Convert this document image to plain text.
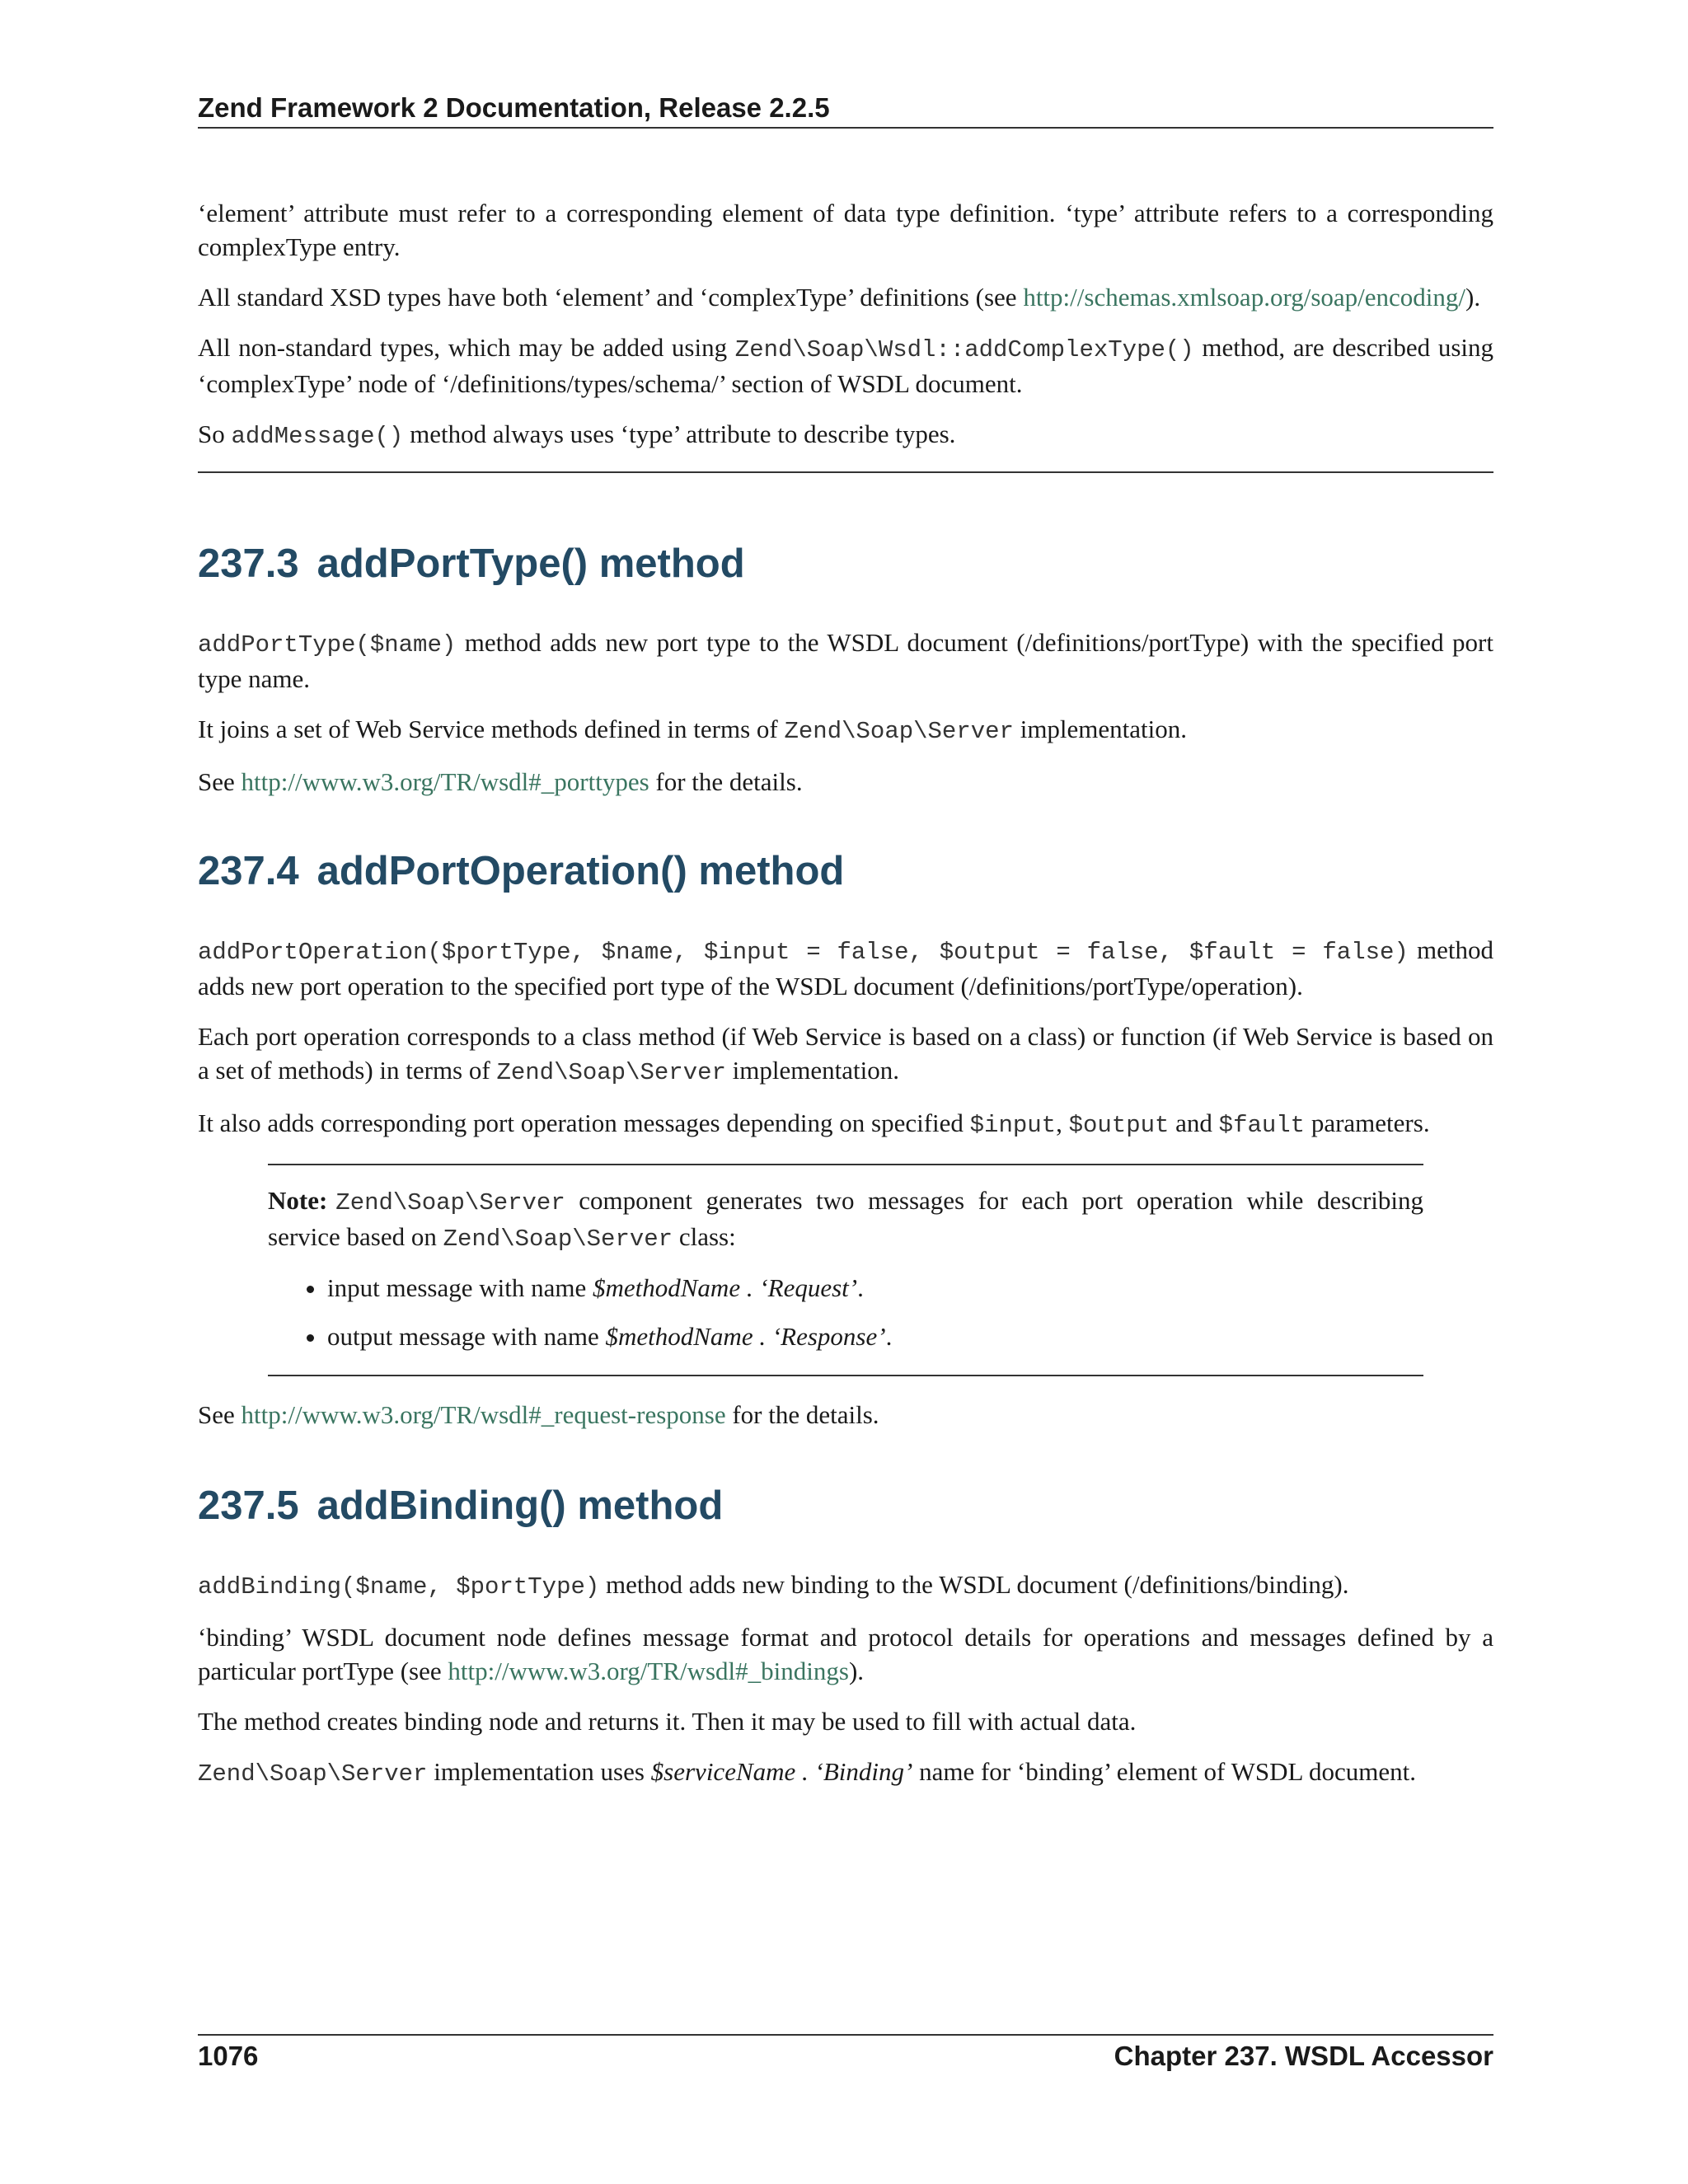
Zend Framework 2 Documentation, Release 2.2.5

‘element’ attribute must refer to a corresponding element of data type definition. ‘type’ attribute refers to a corresponding complexType entry.

All standard XSD types have both ‘element’ and ‘complexType’ definitions (see http://schemas.xmlsoap.org/soap/encoding/).

All non-standard types, which may be added using Zend\Soap\Wsdl::addComplexType() method, are described using ‘complexType’ node of ‘/definitions/types/schema/’ section of WSDL document.

So addMessage() method always uses ‘type’ attribute to describe types.

237.3 addPortType() method

addPortType($name) method adds new port type to the WSDL document (/definitions/portType) with the specified port type name.

It joins a set of Web Service methods defined in terms of Zend\Soap\Server implementation.

See http://www.w3.org/TR/wsdl#_porttypes for the details.

237.4 addPortOperation() method

addPortOperation($portType, $name, $input = false, $output = false, $fault = false) method adds new port operation to the specified port type of the WSDL document (/definitions/portType/operation).

Each port operation corresponds to a class method (if Web Service is based on a class) or function (if Web Service is based on a set of methods) in terms of Zend\Soap\Server implementation.

It also adds corresponding port operation messages depending on specified $input, $output and $fault parameters.

Note: Zend\Soap\Server component generates two messages for each port operation while describing service based on Zend\Soap\Server class:

• input message with name $methodName . ‘Request’.
• output message with name $methodName . ‘Response’.

See http://www.w3.org/TR/wsdl#_request-response for the details.

237.5 addBinding() method

addBinding($name, $portType) method adds new binding to the WSDL document (/definitions/binding).

‘binding’ WSDL document node defines message format and protocol details for operations and messages defined by a particular portType (see http://www.w3.org/TR/wsdl#_bindings).

The method creates binding node and returns it. Then it may be used to fill with actual data.

Zend\Soap\Server implementation uses $serviceName . ‘Binding’ name for ‘binding’ element of WSDL document.

1076	Chapter 237. WSDL Accessor
